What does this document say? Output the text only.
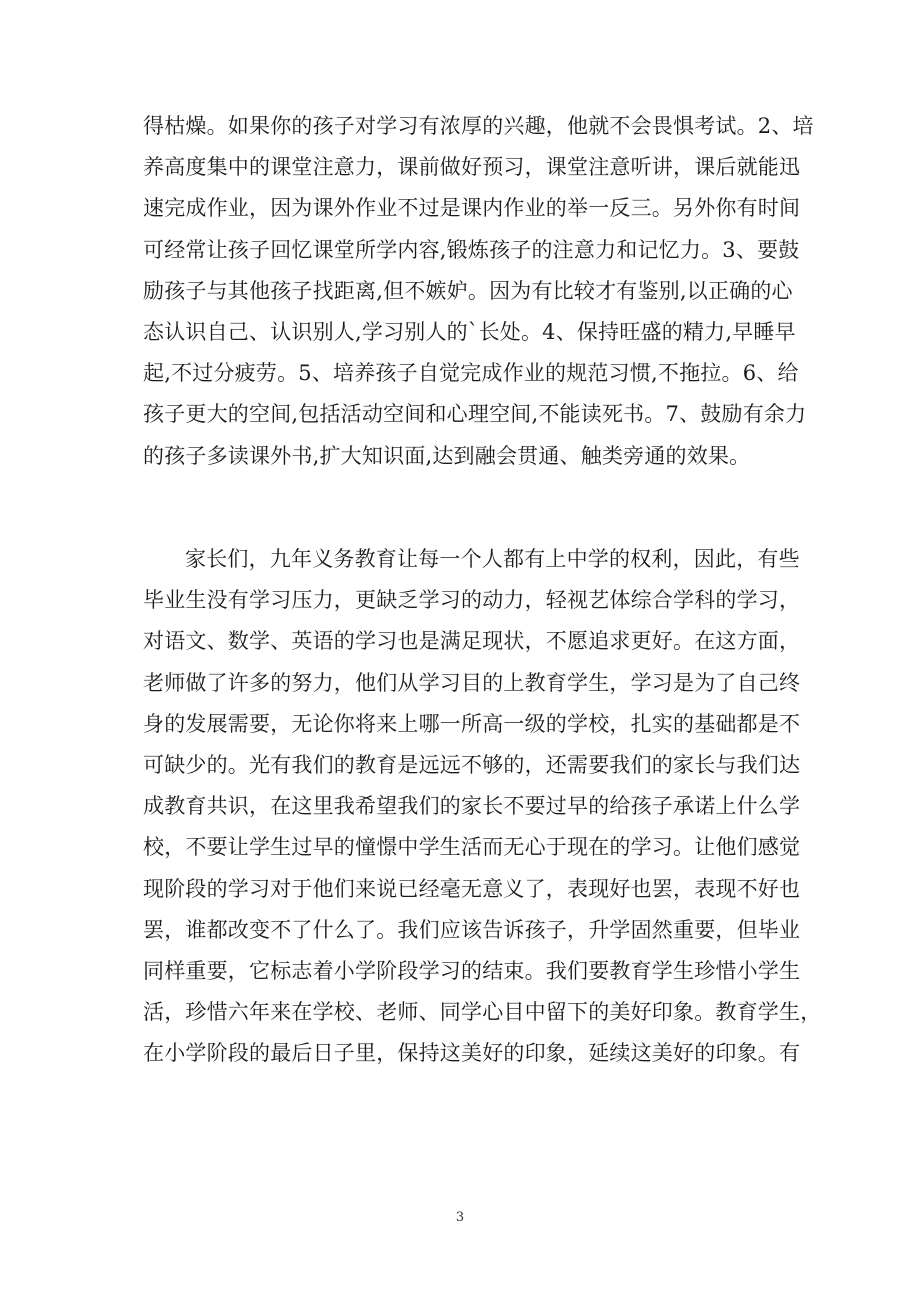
得枯燥。如果你的孩子对学习有浓厚的兴趣，他就不会畏惧考试。2、培
养高度集中的课堂注意力，课前做好预习，课堂注意听讲，课后就能迅
速完成作业，因为课外作业不过是课内作业的举一反三。另外你有时间
可经常让孩子回忆课堂所学内容,锻炼孩子的注意力和记忆力。3、要鼓
励孩子与其他孩子找距离,但不嫉妒。因为有比较才有鉴别,以正确的心
态认识自己、认识别人,学习别人的`长处。4、保持旺盛的精力,早睡早
起,不过分疲劳。5、培养孩子自觉完成作业的规范习惯,不拖拉。6、给
孩子更大的空间,包括活动空间和心理空间,不能读死书。7、鼓励有余力
的孩子多读课外书,扩大知识面,达到融会贯通、触类旁通的效果。
家长们，九年义务教育让每一个人都有上中学的权利，因此，有些
毕业生没有学习压力，更缺乏学习的动力，轻视艺体综合学科的学习，
对语文、数学、英语的学习也是满足现状，不愿追求更好。在这方面，
老师做了许多的努力，他们从学习目的上教育学生，学习是为了自己终
身的发展需要，无论你将来上哪一所高一级的学校，扎实的基础都是不
可缺少的。光有我们的教育是远远不够的，还需要我们的家长与我们达
成教育共识，在这里我希望我们的家长不要过早的给孩子承诺上什么学
校，不要让学生过早的憧憬中学生活而无心于现在的学习。让他们感觉
现阶段的学习对于他们来说已经毫无意义了，表现好也罢，表现不好也
罢，谁都改变不了什么了。我们应该告诉孩子，升学固然重要，但毕业
同样重要，它标志着小学阶段学习的结束。我们要教育学生珍惜小学生
活，珍惜六年来在学校、老师、同学心目中留下的美好印象。教育学生，
在小学阶段的最后日子里，保持这美好的印象，延续这美好的印象。有
3
